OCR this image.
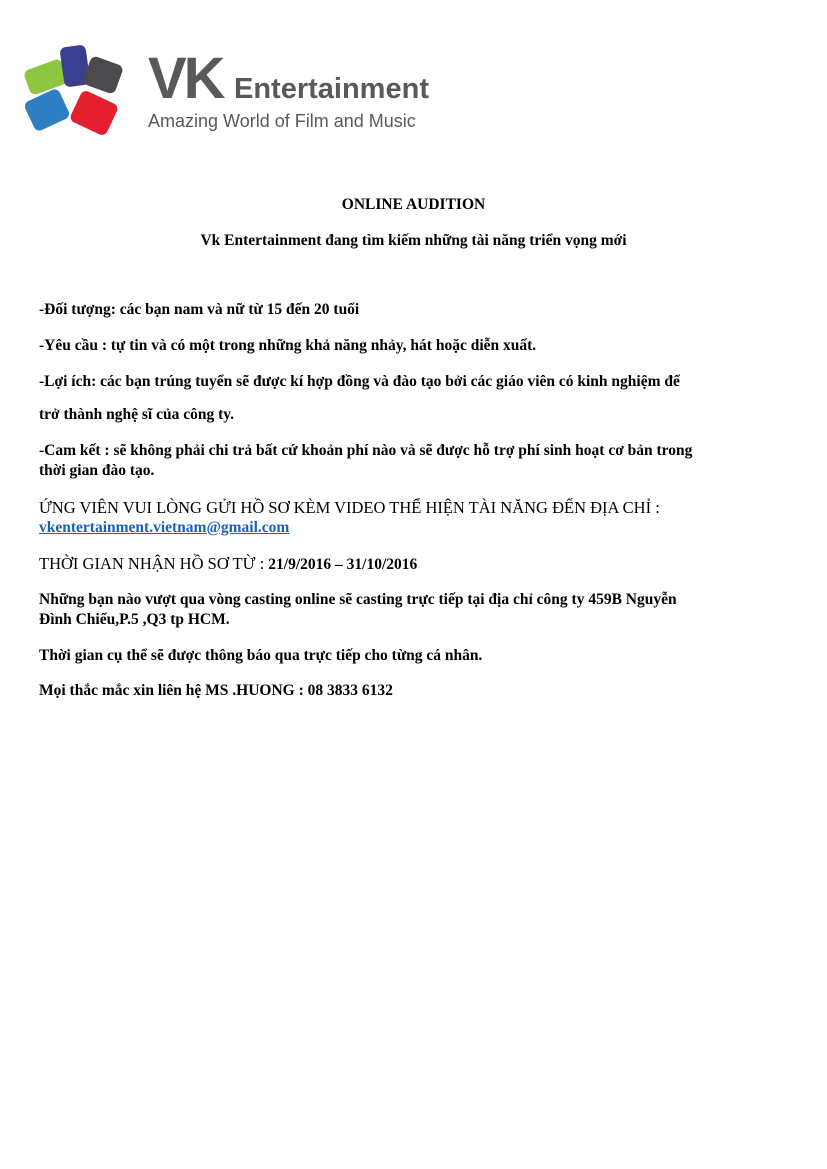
VK Entertainment
Amazing World of Film and Music
ONLINE AUDITION
Vk Entertainment đang tìm kiếm những tài năng triển vọng mới
-Đối tượng: các bạn nam và nữ từ 15 đến 20 tuổi
-Yêu cầu : tự tin và có một trong những khả năng nhảy, hát hoặc diễn xuất.
-Lợi ích: các bạn trúng tuyển sẽ được kí hợp đồng và đào tạo bởi các giáo viên có kinh nghiệm để
trở thành nghệ sĩ của công ty.
-Cam kết : sẽ không phải chi trả bất cứ khoản phí nào và sẽ được hỗ trợ phí sinh hoạt cơ bản trong
thời gian đào tạo.
ỨNG VIÊN VUI LÒNG GỬI HỒ SƠ KÈM VIDEO THỂ HIỆN TÀI NĂNG ĐẾN ĐỊA CHỈ :
vkentertainment.vietnam@gmail.com
THỜI GIAN NHẬN HỒ SƠ TỪ : 21/9/2016 – 31/10/2016
Những bạn nào vượt qua vòng casting online sẽ casting trực tiếp tại địa chỉ công ty 459B Nguyễn
Đình Chiểu,P.5 ,Q3 tp HCM.
Thời gian cụ thể sẽ được thông báo qua trực tiếp cho từng cá nhân.
Mọi thắc mắc xin liên hệ MS .HUONG : 08 3833 6132
